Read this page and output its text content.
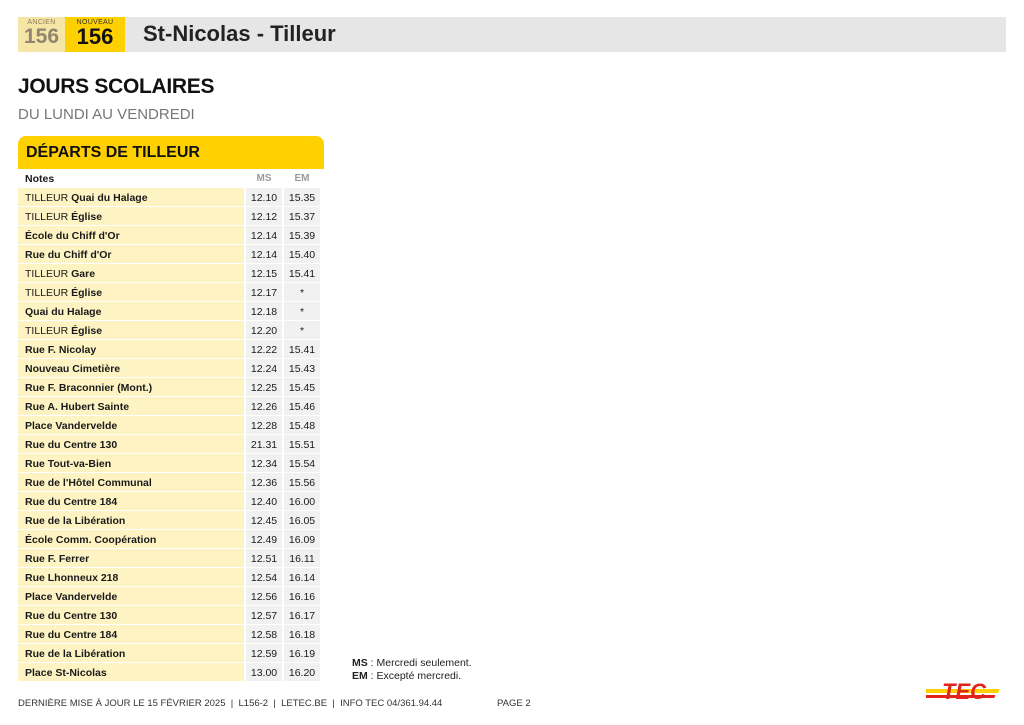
ANCIEN
156
NOUVEAU
156	St-Nicolas - Tilleur
JOURS SCOLAIRES
DU LUNDI AU VENDREDI
DÉPARTS DE TILLEUR
Notes	MS	EM
TILLEUR Quai du Halage	12.10	15.35
TILLEUR Église	12.12	15.37
École du Chiff d'Or	12.14	15.39
Rue du Chiff d'Or	12.14	15.40
TILLEUR Gare	12.15	15.41
TILLEUR Église	12.17	*
Quai du Halage	12.18	*
TILLEUR Église	12.20	*
Rue F. Nicolay	12.22	15.41
Nouveau Cimetière	12.24	15.43
Rue F. Braconnier (Mont.)	12.25	15.45
Rue A. Hubert Sainte	12.26	15.46
Place Vandervelde	12.28	15.48
Rue du Centre 130	21.31	15.51
Rue Tout-va-Bien	12.34	15.54
Rue de l'Hôtel Communal	12.36	15.56
Rue du Centre 184	12.40	16.00
Rue de la Libération	12.45	16.05
École Comm. Coopération	12.49	16.09
Rue F. Ferrer	12.51	16.11
Rue Lhonneux 218	12.54	16.14
Place Vandervelde	12.56	16.16
Rue du Centre 130	12.57	16.17
Rue du Centre 184	12.58	16.18
Rue de la Libération	12.59	16.19
Place St-Nicolas	13.00	16.20
MS : Mercredi seulement.
EM : Excepté mercredi.
DERNIÈRE MISE À JOUR LE 15 FÉVRIER 2025  |  L156-2  |  LETEC.BE  |  INFO TEC 04/361.94.44	PAGE 2	TEC
